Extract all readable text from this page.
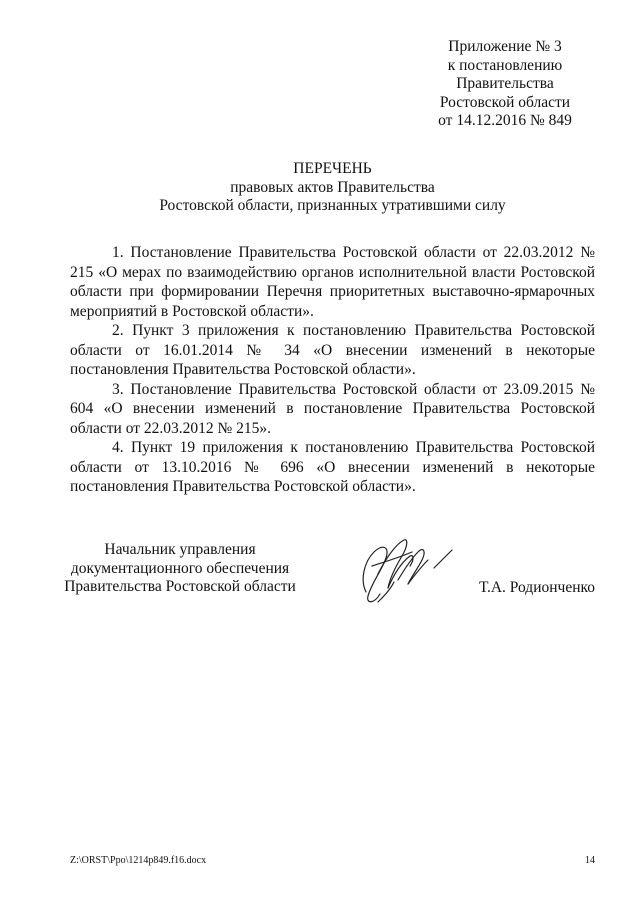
Приложение № 3
к постановлению
Правительства
Ростовской области
от 14.12.2016 № 849
ПЕРЕЧЕНЬ
правовых актов Правительства
Ростовской области, признанных утратившими силу

1. Постановление Правительства Ростовской области от 22.03.2012 № 215 «О мерах по взаимодействию органов исполнительной власти Ростовской области при формировании Перечня приоритетных выставочно-ярмарочных мероприятий в Ростовской области».

2. Пункт 3 приложения к постановлению Правительства Ростовской области от 16.01.2014 № 34 «О внесении изменений в некоторые постановления Правительства Ростовской области».

3. Постановление Правительства Ростовской области от 23.09.2015 № 604 «О внесении изменений в постановление Правительства Ростовской области от 22.03.2012 № 215».

4. Пункт 19 приложения к постановлению Правительства Ростовской области от 13.10.2016 № 696 «О внесении изменений в некоторые постановления Правительства Ростовской области».

Начальник управления
документационного обеспечения
Правительства Ростовской области	Т.А. Родионченко
Z:\ORST\Ppo\1214p849.f16.docx	14
